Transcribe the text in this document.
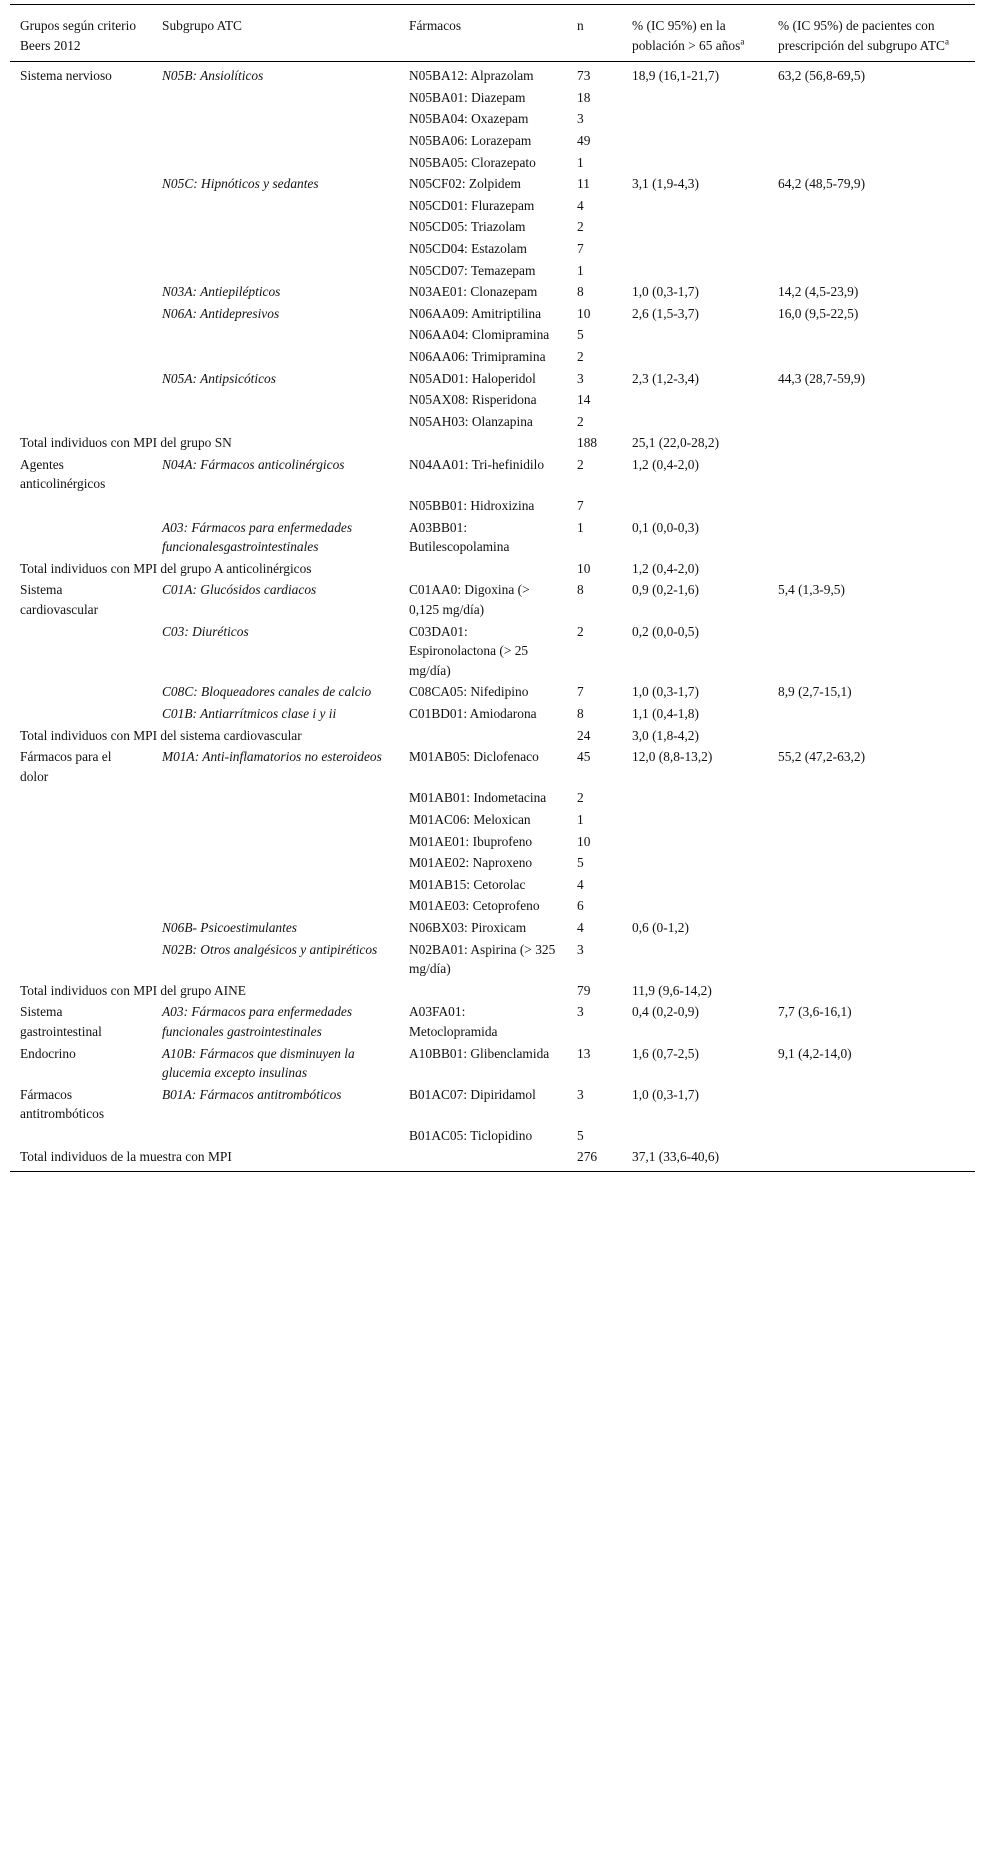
Grupos según criterio Beers 2012	Subgrupo ATC	Fármacos	n	% (IC 95%) en la población > 65 años$^a$	% (IC 95%) de pacientes con prescripción del subgrupo ATC$^a$
Sistema nervioso	N05B: Ansiolíticos	N05BA12: Alprazolam	73	18,9 (16,1-21,7)	63,2 (56,8-69,5)
		N05BA01: Diazepam	18		
		N05BA04: Oxazepam	3		
		N05BA06: Lorazepam	49		
		N05BA05: Clorazepato	1		
	N05C: Hipnóticos y sedantes	N05CF02: Zolpidem	11	3,1 (1,9-4,3)	64,2 (48,5-79,9)
		N05CD01: Flurazepam	4		
		N05CD05: Triazolam	2		
		N05CD04: Estazolam	7		
		N05CD07: Temazepam	1		
	N03A: Antiepilépticos	N03AE01: Clonazepam	8	1,0 (0,3-1,7)	14,2 (4,5-23,9)
	N06A: Antidepresivos	N06AA09: Amitriptilina	10	2,6 (1,5-3,7)	16,0 (9,5-22,5)
		N06AA04: Clomipramina	5		
		N06AA06: Trimipramina	2		
	N05A: Antipsicóticos	N05AD01: Haloperidol	3	2,3 (1,2-3,4)	44,3 (28,7-59,9)
		N05AX08: Risperidona	14		
		N05AH03: Olanzapina	2		
Total individuos con MPI del grupo SN			188	25,1 (22,0-28,2)	
Agentes anticolinérgicos	N04A: Fármacos anticolinérgicos	N04AA01: Tri-hefinidilo	2	1,2 (0,4-2,0)	
		N05BB01: Hidroxizina	7		
	A03: Fármacos para enfermedades funcionalesgastrointestinales	A03BB01: Butilescopolamina	1	0,1 (0,0-0,3)	
Total individuos con MPI del grupo A anticolinérgicos			10	1,2 (0,4-2,0)	
Sistema cardiovascular	C01A: Glucósidos cardiacos	C01AA0: Digoxina (> 0,125 mg/día)	8	0,9 (0,2-1,6)	5,4 (1,3-9,5)
	C03: Diuréticos	C03DA01: Espironolactona (> 25 mg/día)	2	0,2 (0,0-0,5)	
	C08C: Bloqueadores canales de calcio	C08CA05: Nifedipino	7	1,0 (0,3-1,7)	8,9 (2,7-15,1)
	C01B: Antiarrítmicos clase i y ii	C01BD01: Amiodarona	8	1,1 (0,4-1,8)	
Total individuos con MPI del sistema cardiovascular			24	3,0 (1,8-4,2)	
Fármacos para el dolor	M01A: Anti-inflamatorios no esteroideos	M01AB05: Diclofenaco	45	12,0 (8,8-13,2)	55,2 (47,2-63,2)
		M01AB01: Indometacina	2		
		M01AC06: Meloxican	1		
		M01AE01: Ibuprofeno	10		
		M01AE02: Naproxeno	5		
		M01AB15: Cetorolac	4		
		M01AE03: Cetoprofeno	6		
	N06B- Psicoestimulantes	N06BX03: Piroxicam	4	0,6 (0-1,2)	
	N02B: Otros analgésicos y antipiréticos	N02BA01: Aspirina (> 325 mg/día)	3		
Total individuos con MPI del grupo AINE			79	11,9 (9,6-14,2)	
Sistema gastrointestinal	A03: Fármacos para enfermedades funcionales gastrointestinales	A03FA01: Metoclopramida	3	0,4 (0,2-0,9)	7,7 (3,6-16,1)
Endocrino	A10B: Fármacos que disminuyen la glucemia excepto insulinas	A10BB01: Glibenclamida	13	1,6 (0,7-2,5)	9,1 (4,2-14,0)
Fármacos antitrombóticos	B01A: Fármacos antitrombóticos	B01AC07: Dipiridamol	3	1,0 (0,3-1,7)	
		B01AC05: Ticlopidino	5		
Total individuos de la muestra con MPI			276	37,1 (33,6-40,6)	
